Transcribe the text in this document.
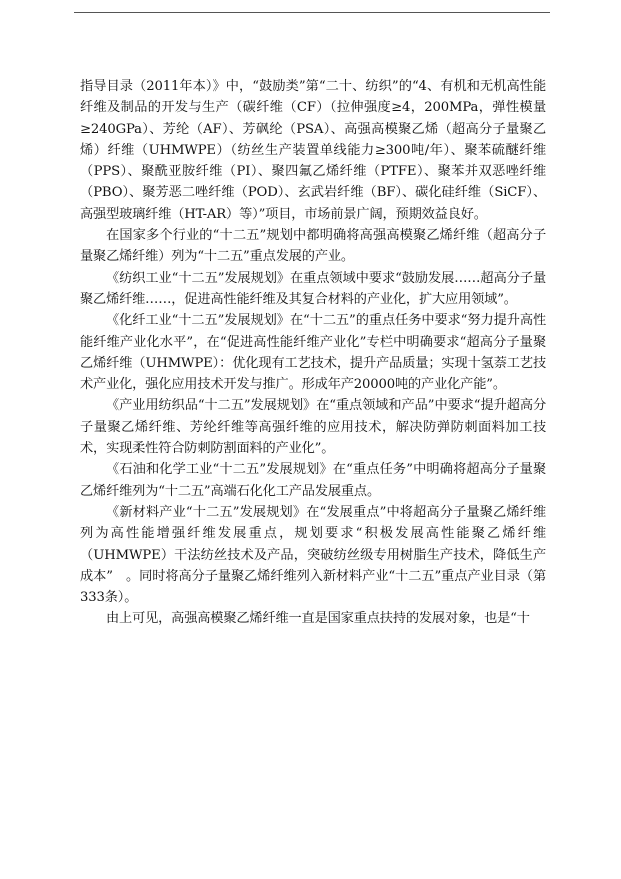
指导目录（2011年本）》中，“鼓励类”第“二十、纺织”的“4、有机和无机高性能纤维及制品的开发与生产（碳纤维（CF）（拉伸强度≥4，200MPa，弹性模量≥240GPa）、芳纶（AF）、芳砜纶（PSA）、高强高模聚乙烯（超高分子量聚乙烯）纤维（UHMWPE）（纺丝生产装置单线能力≥300吨/年）、聚苯硫醚纤维（PPS）、聚酰亚胺纤维（PI）、聚四氟乙烯纤维（PTFE）、聚苯并双恶唑纤维（PBO）、聚芳恶二唑纤维（POD）、玄武岩纤维（BF）、碳化硅纤维（SiCF）、高强型玻璃纤维（HT-AR）等）”项目，市场前景广阔，预期效益良好。

在国家多个行业的“十二五”规划中都明确将高强高模聚乙烯纤维（超高分子量聚乙烯纤维）列为“十二五”重点发展的产业。

《纺织工业“十二五”发展规划》在重点领域中要求“鼓励发展……超高分子量聚乙烯纤维……，促进高性能纤维及其复合材料的产业化，扩大应用领域”。

《化纤工业“十二五”发展规划》在“十二五”的重点任务中要求“努力提升高性能纤维产业化水平”，在“促进高性能纤维产业化”专栏中明确要求“超高分子量聚乙烯纤维（UHMWPE）：优化现有工艺技术，提升产品质量；实现十氢萘工艺技术产业化，强化应用技术开发与推广。形成年产20000吨的产业化产能”。

《产业用纺织品“十二五”发展规划》在“重点领域和产品”中要求“提升超高分子量聚乙烯纤维、芳纶纤维等高强纤维的应用技术，解决防弹防刺面料加工技术，实现柔性符合防刺防割面料的产业化”。

《石油和化学工业“十二五”发展规划》在“重点任务”中明确将超高分子量聚乙烯纤维列为“十二五”高端石化化工产品发展重点。

《新材料产业“十二五”发展规划》在“发展重点”中将超高分子量聚乙烯纤维列为高性能增强纤维发展重点，规划要求“积极发展高性能聚乙烯纤维（UHMWPE）干法纺丝技术及产品，突破纺丝级专用树脂生产技术，降低生产成本”　。同时将高分子量聚乙烯纤维列入新材料产业“十二五”重点产业目录（第333条）。

由上可见，高强高模聚乙烯纤维一直是国家重点扶持的发展对象，也是“十
